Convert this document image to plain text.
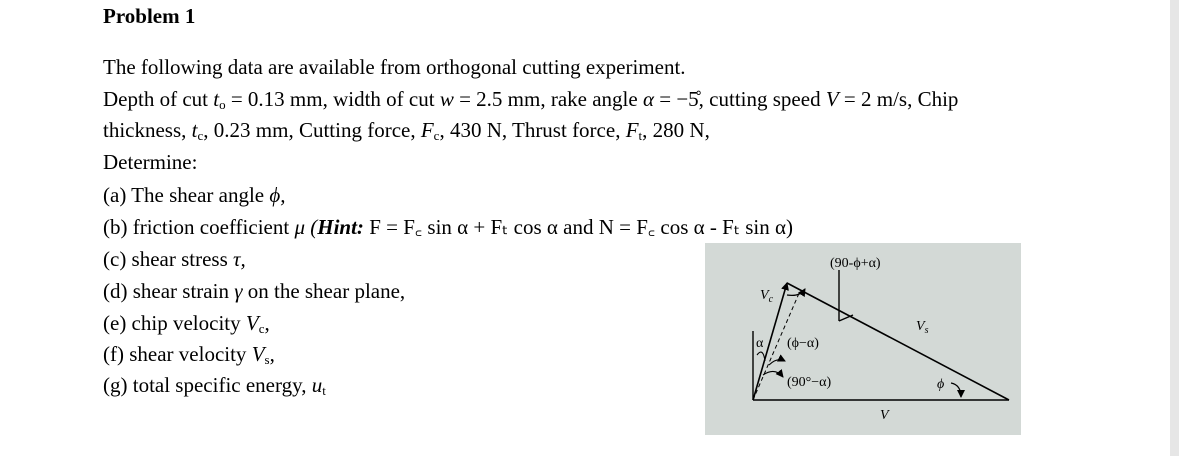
Problem 1
The following data are available from orthogonal cutting experiment.
Depth of cut $t_o = 0.13$ mm, width of cut w = 2.5 mm, rake angle α = −5̊, cutting speed V = 2 m/s, Chip
thickness, $t_c$, 0.23 mm, Cutting force, $F_c$, 430 N, Thrust force, $F_t$, 280 N,
Determine:
(a) The shear angle ϕ,
(b) friction coefficient μ (Hint: F = F꜀ sin α + Fₜ cos α and N = F꜀ cos α - Fₜ sin α)
(c) shear stress τ,
(d) shear strain γ on the shear plane,
(e) chip velocity $V_c$,
(f) shear velocity $V_s$,
(g) total specific energy, $u_t$
(90-ϕ+α)
$V_c$
$V_s$
α (ϕ−α)
(90°−α)	ϕ
V
